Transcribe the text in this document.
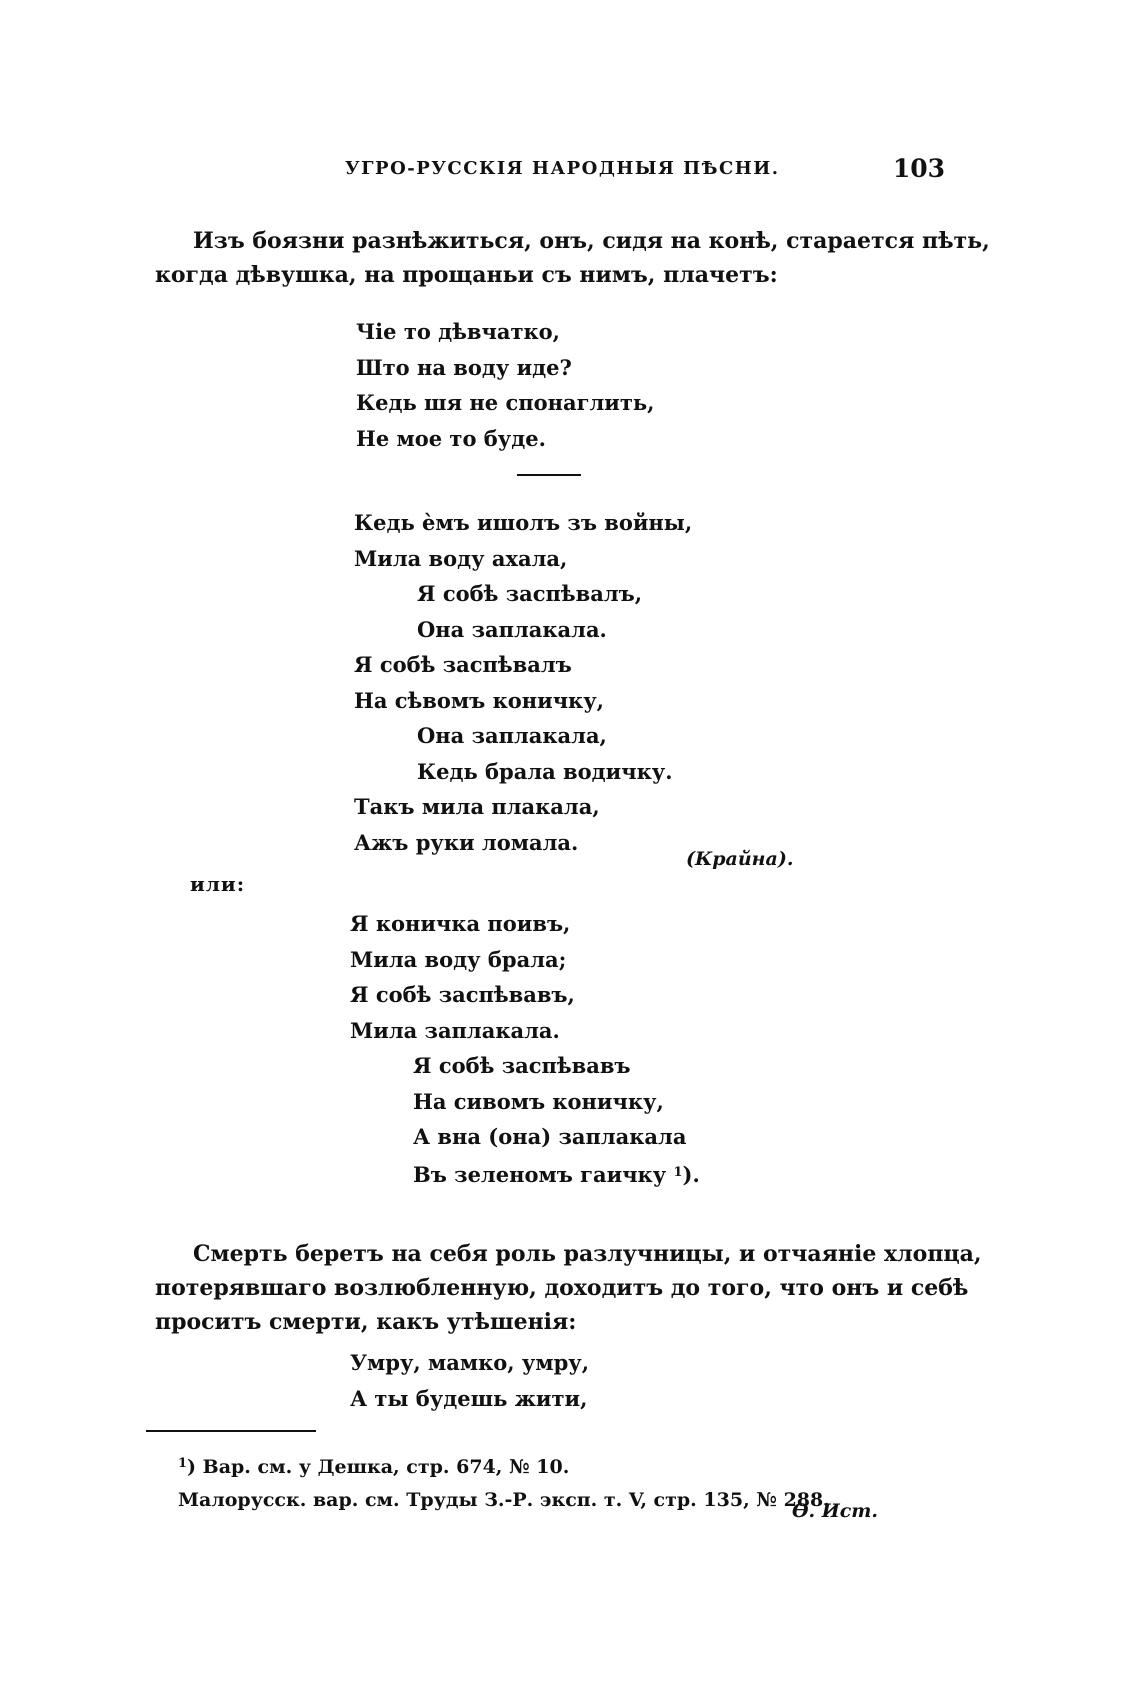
УГРО-РУССКІЯ НАРОДНЫЯ ПѢСНИ.	103
Изъ боязни разнѣжиться, онъ, сидя на конѣ, старается пѣть,
когда дѣвушка, на прощаньи съ нимъ, плачетъ:
Чіе то дѣвчатко,
Што на воду иде?
Кедь шя не спонаглить,
Не мое то буде.
Кедь ѐмъ ишолъ зъ войны,
Мила воду ахала,
Я собѣ заспѣвалъ,
Она заплакала.
Я собѣ заспѣвалъ
На сѣвомъ коничку,
Она заплакала,
Кедь брала водичку.
Такъ мила плакала,
Ажъ руки ломала.
(Крайна).
или:
Я коничка поивъ,
Мила воду брала;
Я собѣ заспѣвавъ,
Мила заплакала.
Я собѣ заспѣвавъ
На сивомъ коничку,
А вна (она) заплакала
Въ зеленомъ гаичку $^1$).
Смерть беретъ на себя роль разлучницы, и отчаяніе хлопца,
потерявшаго возлюбленную, доходитъ до того, что онъ и себѣ
проситъ смерти, какъ утѣшенія:
Умру, мамко, умру,
А ты будешь жити,
$^1$) Вар. см. у Дешка, стр. 674, № 10.
Малорусск. вар. см. Труды З.-Р. эксп. т. V, стр. 135, № 288.
Ѳ. Ист.
